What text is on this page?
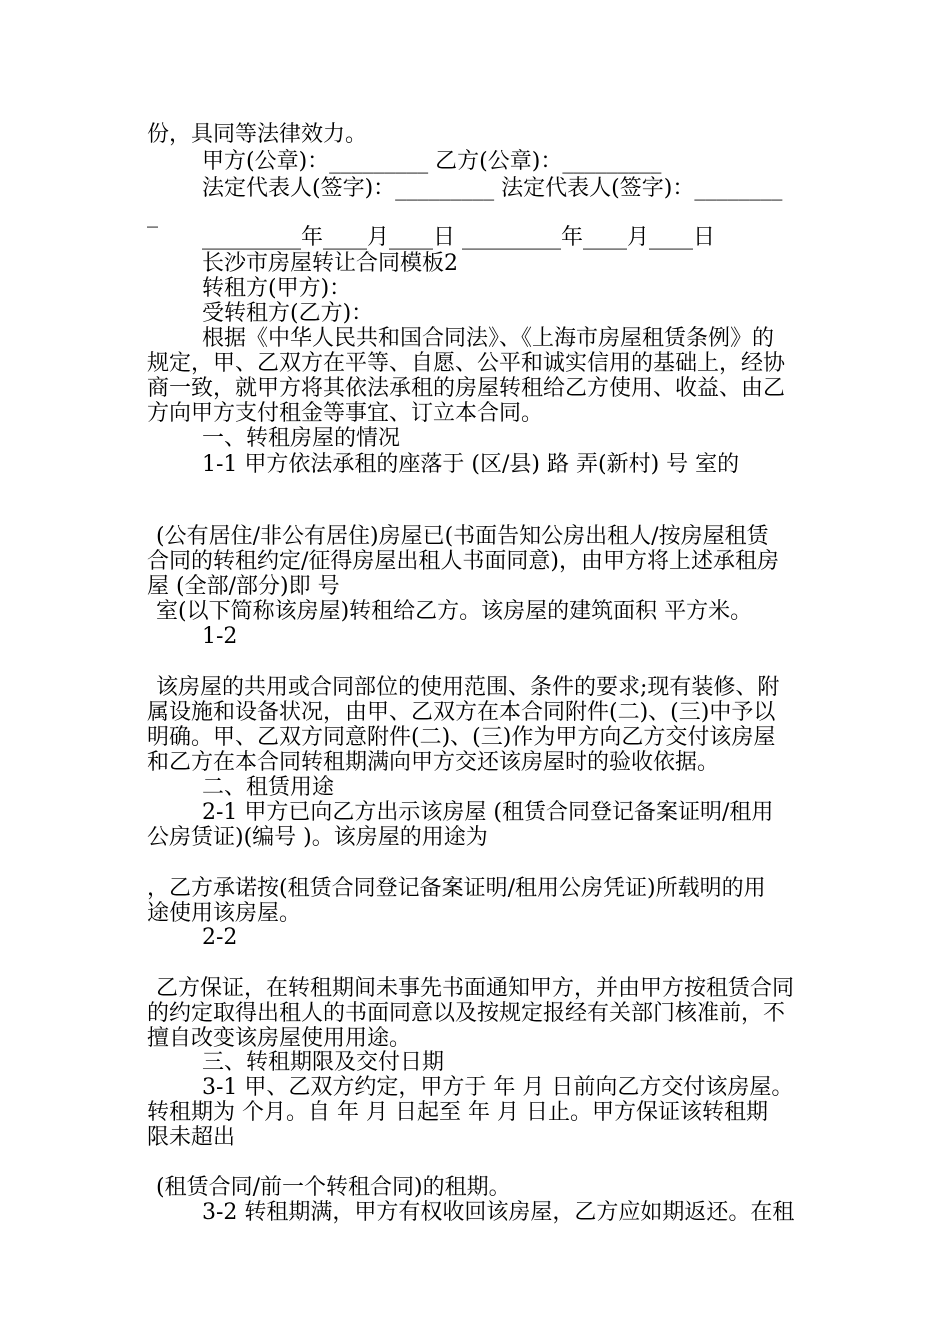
份，具同等法律效力。

甲方(公章)：_________ 乙方(公章)：_________

法定代表人(签字)：_________ 法定代表人(签字)：________

_

_________年____月____日 _________年____月____日

长沙市房屋转让合同模板2

转租方(甲方)：

受转租方(乙方)：

根据《中华人民共和国合同法》、《上海市房屋租赁条例》的

规定，甲、乙双方在平等、自愿、公平和诚实信用的基础上，经协

商一致，就甲方将其依法承租的房屋转租给乙方使用、收益、由乙

方向甲方支付租金等事宜、订立本合同。

一、转租房屋的情况

1-1 甲方依法承租的座落于 (区/县) 路 弄(新村) 号 室的

(公有居住/非公有居住)房屋已(书面告知公房出租人/按房屋租赁

合同的转租约定/征得房屋出租人书面同意)，由甲方将上述承租房

屋 (全部/部分)即 号

室(以下简称该房屋)转租给乙方。该房屋的建筑面积 平方米。

1-2

该房屋的共用或合同部位的使用范围、条件的要求;现有装修、附

属设施和设备状况，由甲、乙双方在本合同附件(二)、(三)中予以

明确。甲、乙双方同意附件(二)、(三)作为甲方向乙方交付该房屋

和乙方在本合同转租期满向甲方交还该房屋时的验收依据。

二、租赁用途

2-1 甲方已向乙方出示该房屋 (租赁合同登记备案证明/租用

公房赁证)(编号 )。该房屋的用途为

，乙方承诺按(租赁合同登记备案证明/租用公房凭证)所载明的用

途使用该房屋。

2-2

乙方保证，在转租期间未事先书面通知甲方，并由甲方按租赁合同

的约定取得出租人的书面同意以及按规定报经有关部门核准前，不

擅自改变该房屋使用用途。

三、转租期限及交付日期

3-1 甲、乙双方约定，甲方于 年 月 日前向乙方交付该房屋。

转租期为 个月。自 年 月 日起至 年 月 日止。甲方保证该转租期

限未超出

(租赁合同/前一个转租合同)的租期。

3-2 转租期满，甲方有权收回该房屋，乙方应如期返还。在租
